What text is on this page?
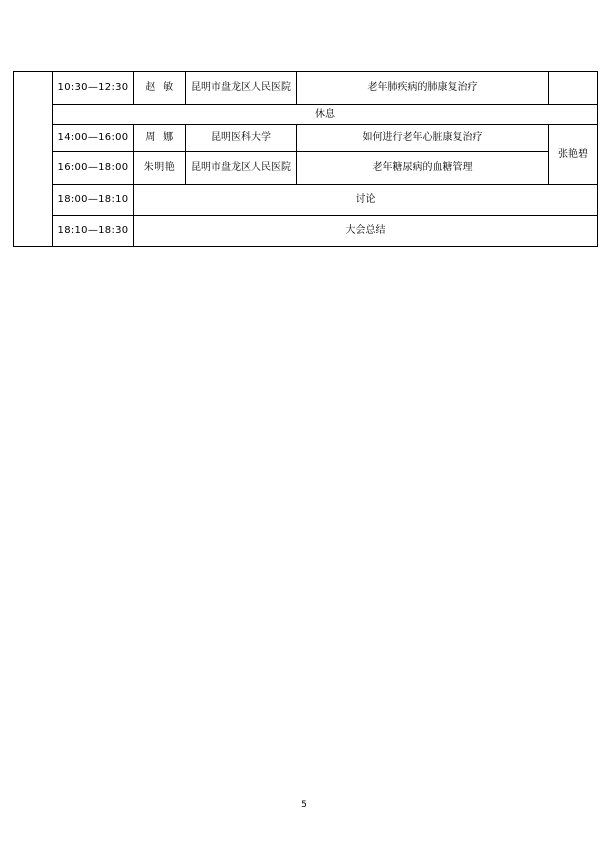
	10:30—12:30	赵  敏	昆明市盘龙区人民医院	老年肺疾病的肺康复治疗	
	休息				
	14:00—16:00	周  娜	昆明医科大学	如何进行老年心脏康复治疗	张艳碧
	16:00—18:00	朱明艳	昆明市盘龙区人民医院	老年糖尿病的血糖管理	
	18:00—18:10	讨论			
	18:10—18:30	大会总结			
5
